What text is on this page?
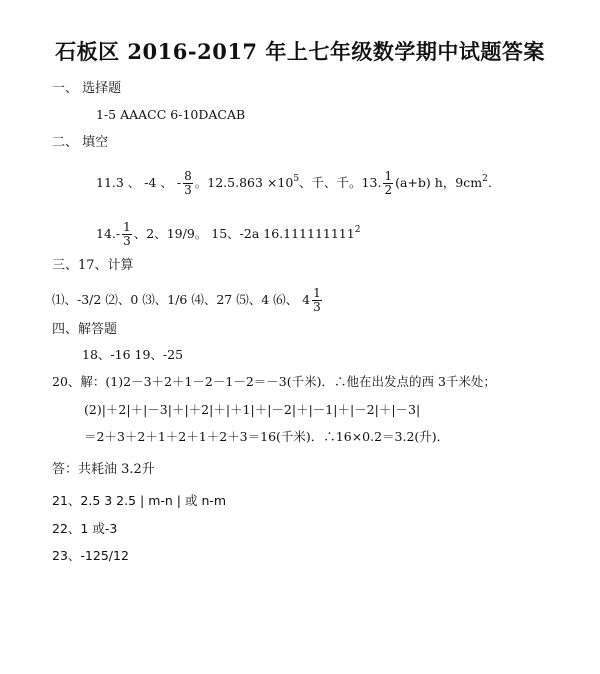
石板区 2016-2017 年上七年级数学期中试题答案
一、 选择题
1-5 AAACC 6-10DACAB
二、 填空
11.3 、 -4 、 - $\frac{8}{3}$ 。$12.5.863 \times 10^5$、千、千。13. $\frac{1}{2} (a+b)$ h，$9cm^2$.
$14.- \frac{1}{3}$ 、2、19/9。 15、-2a 16.111111111$^2$
三、17、计算
⑴、-3/2 ⑵、0 ⑶、1/6 ⑷、27 ⑸、4 ⑹、 $4 \frac{1}{3}$
四、解答题
18、-16 19、-25
20、解：(1)2－3＋2＋1－2－1－2＝－3(千米)．∴他在出发点的西 3千米处；
(2)|＋2|＋|－3|＋|＋2|＋|＋1|＋|－2|＋|－1|＋|－2|＋|－3|
＝2＋3＋2＋1＋2＋1＋2＋3＝16(千米)．∴16×0.2＝3.2(升)．
答：共耗油 3.2升
21、2.5 3 2.5 | m-n | 或 n-m
22、1 或-3
23、-125/12
